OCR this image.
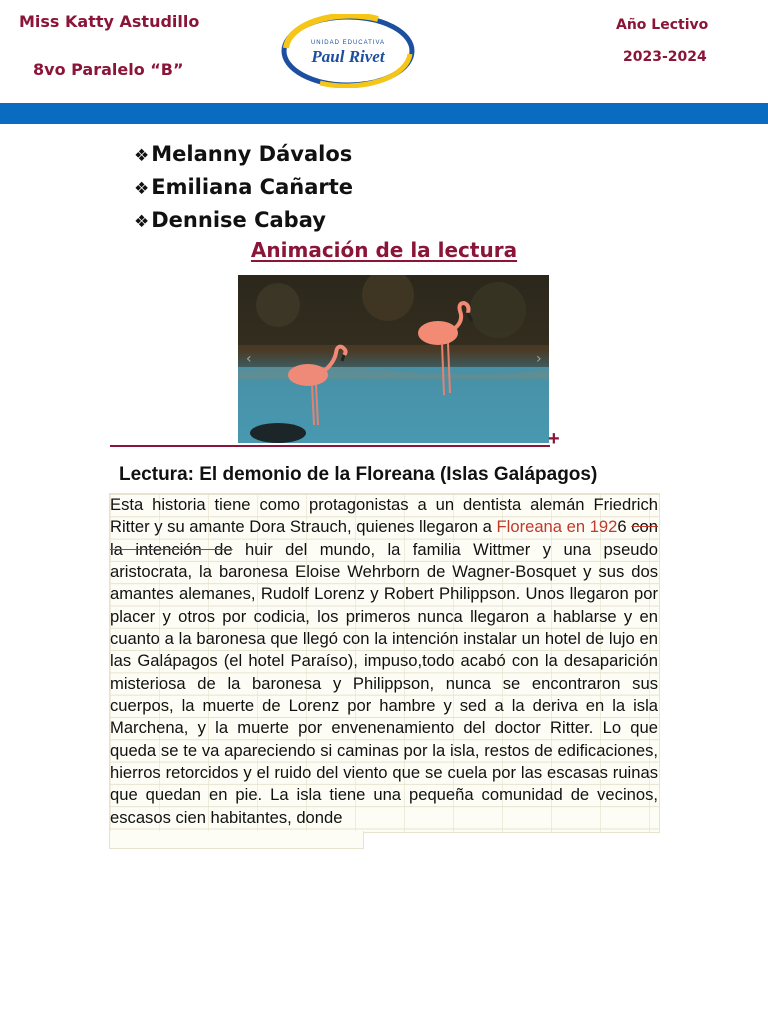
Miss Katty Astudillo
8vo Paralelo “B”
UNIDAD EDUCATIVA
Paul Rivet
Año Lectivo
2023-2024
❖Melanny Dávalos
❖Emiliana Cañarte
❖Dennise Cabay
Animación de la lectura
‹	›
+
Lectura: El demonio de la Floreana (Islas Galápagos)
Esta historia tiene como protagonistas a un dentista alemán Friedrich Ritter y su amante Dora Strauch, quienes llegaron a Floreana en 1926 con la intención de huir del mundo, la familia Wittmer y una pseudo aristocrata, la baronesa Eloise Wehrborn de Wagner-Bosquet y sus dos amantes alemanes, Rudolf Lorenz y Robert Philippson. Unos llegaron por placer y otros por codicia, los primeros nunca llegaron a hablarse y en cuanto a la baronesa que llegó con la intención instalar un hotel de lujo en las Galápagos (el hotel Paraíso), impuso,todo acabó con la desaparición misteriosa de la baronesa y Philippson, nunca se encontraron sus cuerpos, la muerte de Lorenz por hambre y sed a la deriva en la isla Marchena, y la muerte por envenenamiento del doctor Ritter. Lo que queda se te va apareciendo si caminas por la isla, restos de edificaciones, hierros retorcidos y el ruido del viento que se cuela por las escasas ruinas que quedan en pie. La isla tiene una pequeña comunidad de vecinos, escasos cien habitantes, donde
